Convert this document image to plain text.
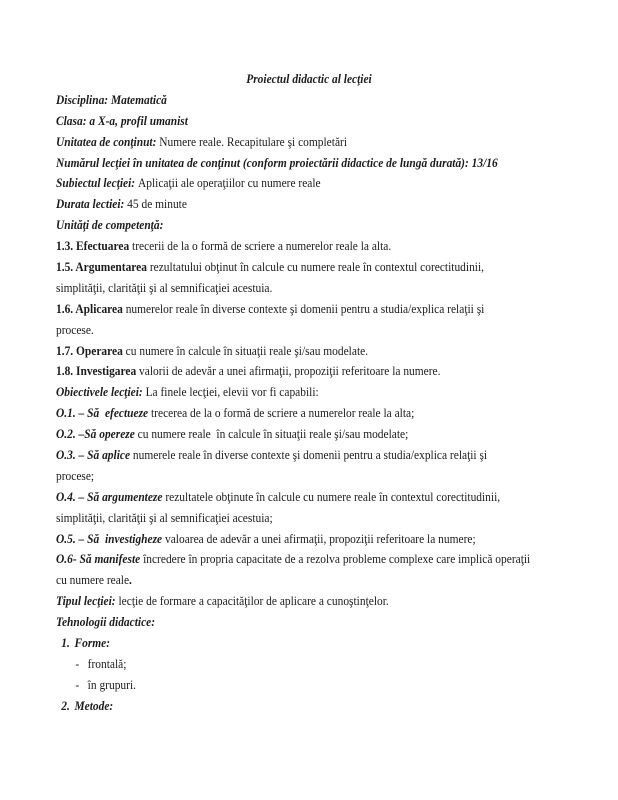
Proiectul didactic al lecţiei
Disciplina: Matematică
Clasa: a X-a, profil umanist
Unitatea de conţinut: Numere reale. Recapitulare şi completări
Numărul lecţiei în unitatea de conţinut (conform proiectării didactice de lungă durată): 13/16
Subiectul lecţiei: Aplicaţii ale operaţiilor cu numere reale
Durata lectiei: 45 de minute
Unităţi de competenţă:
1.3. Efectuarea trecerii de la o formă de scriere a numerelor reale la alta.
1.5. Argumentarea rezultatului obţinut în calcule cu numere reale în contextul corectitudinii,
simplităţii, clarităţii şi al semnificaţiei acestuia.
1.6. Aplicarea numerelor reale în diverse contexte şi domenii pentru a studia/explica relaţii şi
procese.
1.7. Operarea cu numere în calcule în situaţii reale şi/sau modelate.
1.8. Investigarea valorii de adevăr a unei afirmaţii, propoziţii referitoare la numere.
Obiectivele lecţiei: La finele lecţiei, elevii vor fi capabili:
O.1. – Să  efectueze trecerea de la o formă de scriere a numerelor reale la alta;
O.2. –Să opereze cu numere reale  în calcule în situaţii reale şi/sau modelate;
O.3. – Să aplice numerele reale în diverse contexte şi domenii pentru a studia/explica relaţii şi
procese;
O.4. – Să argumenteze rezultatele obţinute în calcule cu numere reale în contextul corectitudinii,
simplităţii, clarităţii şi al semnificaţiei acestuia;
O.5. – Să  investigheze valoarea de adevăr a unei afirmaţii, propoziţii referitoare la numere;
O.6- Să manifeste încredere în propria capacitate de a rezolva probleme complexe care implică operaţii
cu numere reale.
Tipul lecţiei: lecţie de formare a capacităţilor de aplicare a cunoştinţelor.
Tehnologii didactice:
1. Forme:
- frontală;
- în grupuri.
2. Metode:
